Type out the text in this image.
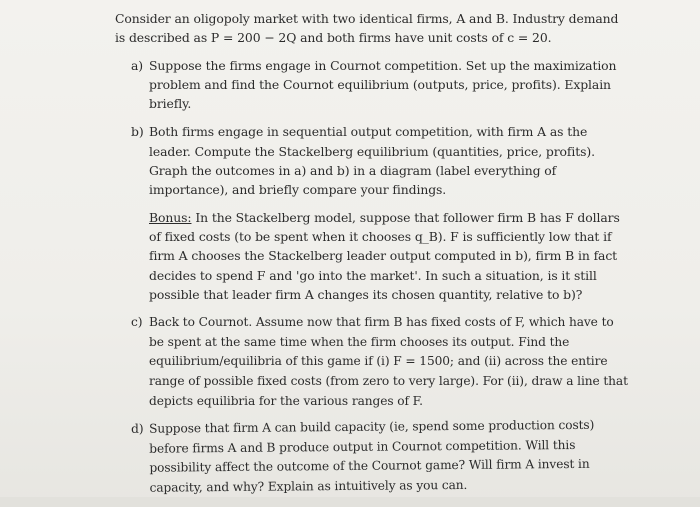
Consider an oligopoly market with two identical firms, A and B. Industry demand is described as P = 200 − 2Q and both firms have unit costs of c = 20.

a) Suppose the firms engage in Cournot competition. Set up the maximization problem and find the Cournot equilibrium (outputs, price, profits). Explain briefly.
b) Both firms engage in sequential output competition, with firm A as the leader. Compute the Stackelberg equilibrium (quantities, price, profits). Graph the outcomes in a) and b) in a diagram (label everything of importance), and briefly compare your findings.
Bonus: In the Stackelberg model, suppose that follower firm B has F dollars of fixed costs (to be spent when it chooses q_B). F is sufficiently low that if firm A chooses the Stackelberg leader output computed in b), firm B in fact decides to spend F and 'go into the market'. In such a situation, is it still possible that leader firm A changes its chosen quantity, relative to b)?
c) Back to Cournot. Assume now that firm B has fixed costs of F, which have to be spent at the same time when the firm chooses its output. Find the equilibrium/equilibria of this game if (i) F = 1500; and (ii) across the entire range of possible fixed costs (from zero to very large). For (ii), draw a line that depicts equilibria for the various ranges of F.
d) Suppose that firm A can build capacity (ie, spend some production costs) before firms A and B produce output in Cournot competition. Will this possibility affect the outcome of the Cournot game? Will firm A invest in capacity, and why? Explain as intuitively as you can.
